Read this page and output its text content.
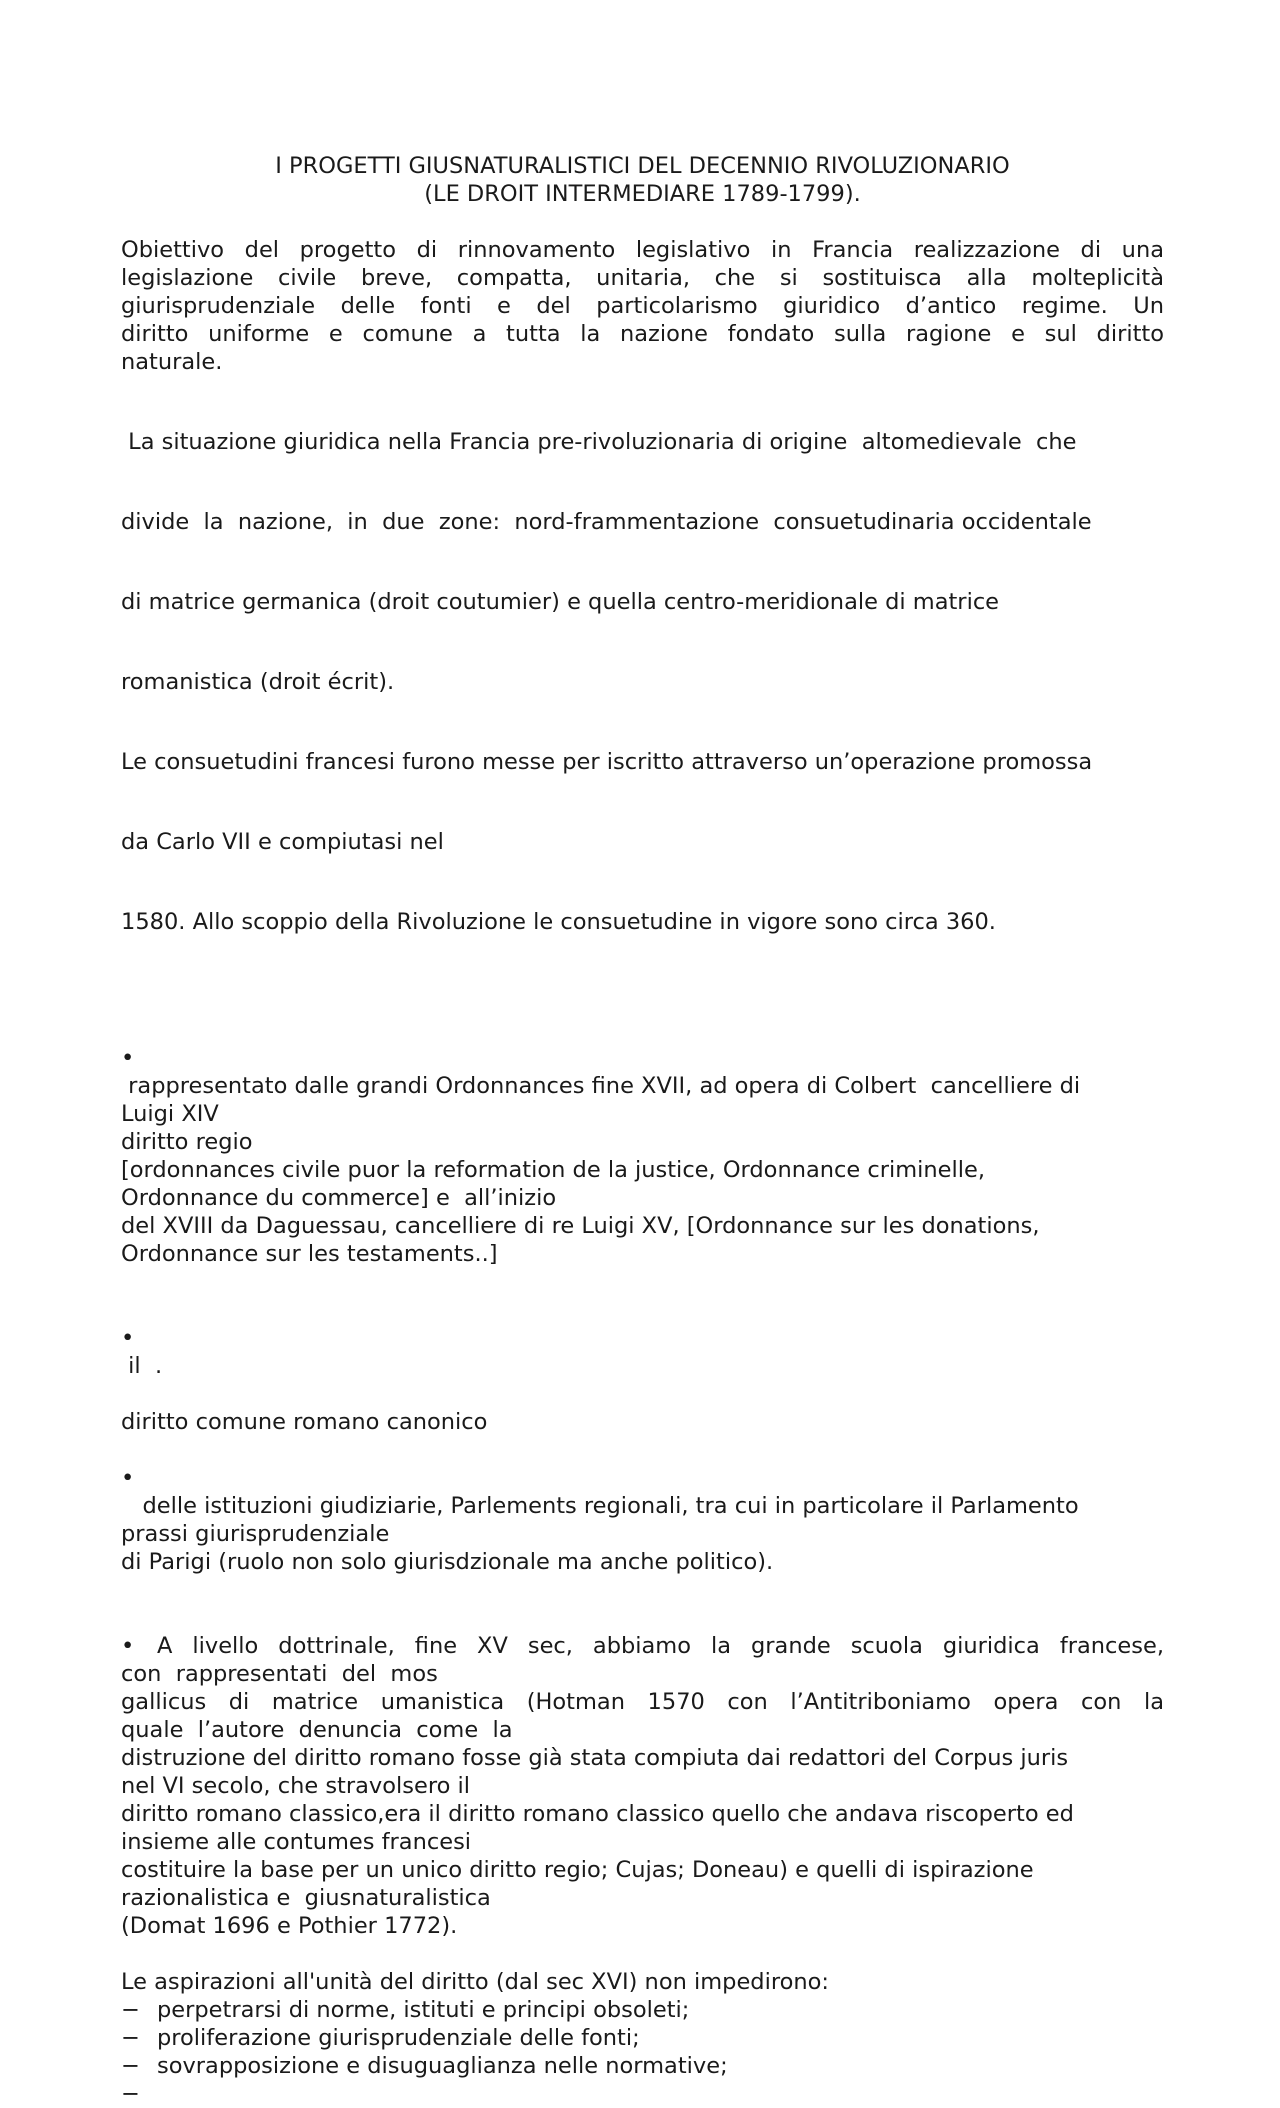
I PROGETTI GIUSNATURALISTICI DEL DECENNIO RIVOLUZIONARIO
(LE DROIT INTERMEDIARE 1789-1799).
Obiettivo del progetto di rinnovamento legislativo in Francia realizzazione di una
legislazione civile breve, compatta, unitaria, che si sostituisca alla molteplicità
giurisprudenziale delle fonti e del particolarismo giuridico d’antico regime. Un
diritto uniforme e comune a tutta la nazione fondato sulla ragione e sul diritto
naturale.

La situazione giuridica nella Francia pre-rivoluzionaria di origine  altomedievale  che

divide  la  nazione,  in  due  zone:  nord-frammentazione  consuetudinaria occidentale

di matrice germanica (droit coutumier) e quella centro-meridionale di matrice

romanistica (droit écrit).

Le consuetudini francesi furono messe per iscritto attraverso un’operazione promossa

da Carlo VII e compiutasi nel

1580. Allo scoppio della Rivoluzione le consuetudine in vigore sono circa 360.

•
rappresentato dalle grandi Ordonnances fine XVII, ad opera di Colbert  cancelliere di
Luigi XIV
diritto regio
[ordonnances civile puor la reformation de la justice, Ordonnance criminelle,
Ordonnance du commerce] e  all’inizio
del XVIII da Daguessau, cancelliere di re Luigi XV, [Ordonnance sur les donations,
Ordonnance sur les testaments..]
•
il  .
diritto comune romano canonico
•
delle istituzioni giudiziarie, Parlements regionali, tra cui in particolare il Parlamento
prassi giurisprudenziale
di Parigi (ruolo non solo giurisdzionale ma anche politico).
•	A livello dottrinale, fine XV sec, abbiamo la grande scuola giuridica francese,
con  rappresentati  del  mos
gallicus di matrice umanistica (Hotman 1570 con l’Antitriboniamo opera con la
quale  l’autore  denuncia  come  la
distruzione del diritto romano fosse già stata compiuta dai redattori del Corpus juris
nel VI secolo, che stravolsero il
diritto romano classico,era il diritto romano classico quello che andava riscoperto ed
insieme alle contumes francesi
costituire la base per un unico diritto regio; Cujas; Doneau) e quelli di ispirazione
razionalistica e  giusnaturalistica
(Domat 1696 e Pothier 1772).
Le aspirazioni all'unità del diritto (dal sec XVI) non impedirono:
− perpetrarsi di norme, istituti e principi obsoleti;
− proliferazione giurisprudenziale delle fonti;
− sovrapposizione e disuguaglianza nelle normative;
−
